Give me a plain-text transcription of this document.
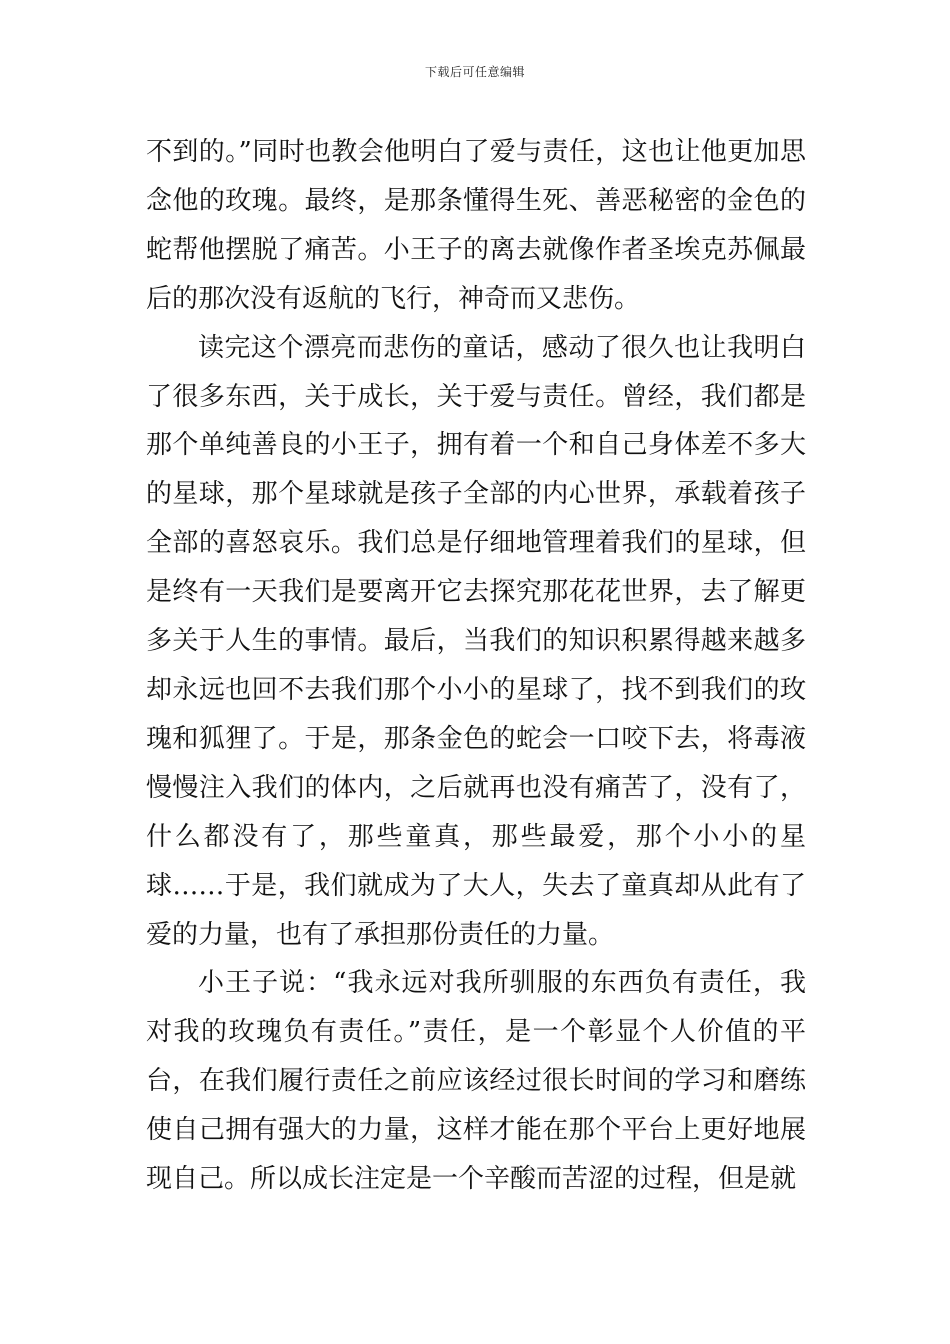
下载后可任意编辑

不到的。”同时也教会他明白了爱与责任，这也让他更加思念他的玫瑰。最终，是那条懂得生死、善恶秘密的金色的蛇帮他摆脱了痛苦。小王子的离去就像作者圣埃克苏佩最后的那次没有返航的飞行，神奇而又悲伤。

读完这个漂亮而悲伤的童话，感动了很久也让我明白了很多东西，关于成长，关于爱与责任。曾经，我们都是那个单纯善良的小王子，拥有着一个和自己身体差不多大的星球，那个星球就是孩子全部的内心世界，承载着孩子全部的喜怒哀乐。我们总是仔细地管理着我们的星球，但是终有一天我们是要离开它去探究那花花世界，去了解更多关于人生的事情。最后，当我们的知识积累得越来越多却永远也回不去我们那个小小的星球了，找不到我们的玫瑰和狐狸了。于是，那条金色的蛇会一口咬下去，将毒液慢慢注入我们的体内，之后就再也没有痛苦了，没有了，什么都没有了，那些童真，那些最爱，那个小小的星球……于是，我们就成为了大人，失去了童真却从此有了爱的力量，也有了承担那份责任的力量。

小王子说：“我永远对我所驯服的东西负有责任，我对我的玫瑰负有责任。”责任，是一个彰显个人价值的平台，在我们履行责任之前应该经过很长时间的学习和磨练使自己拥有强大的力量，这样才能在那个平台上更好地展现自己。所以成长注定是一个辛酸而苦涩的过程，但是就
